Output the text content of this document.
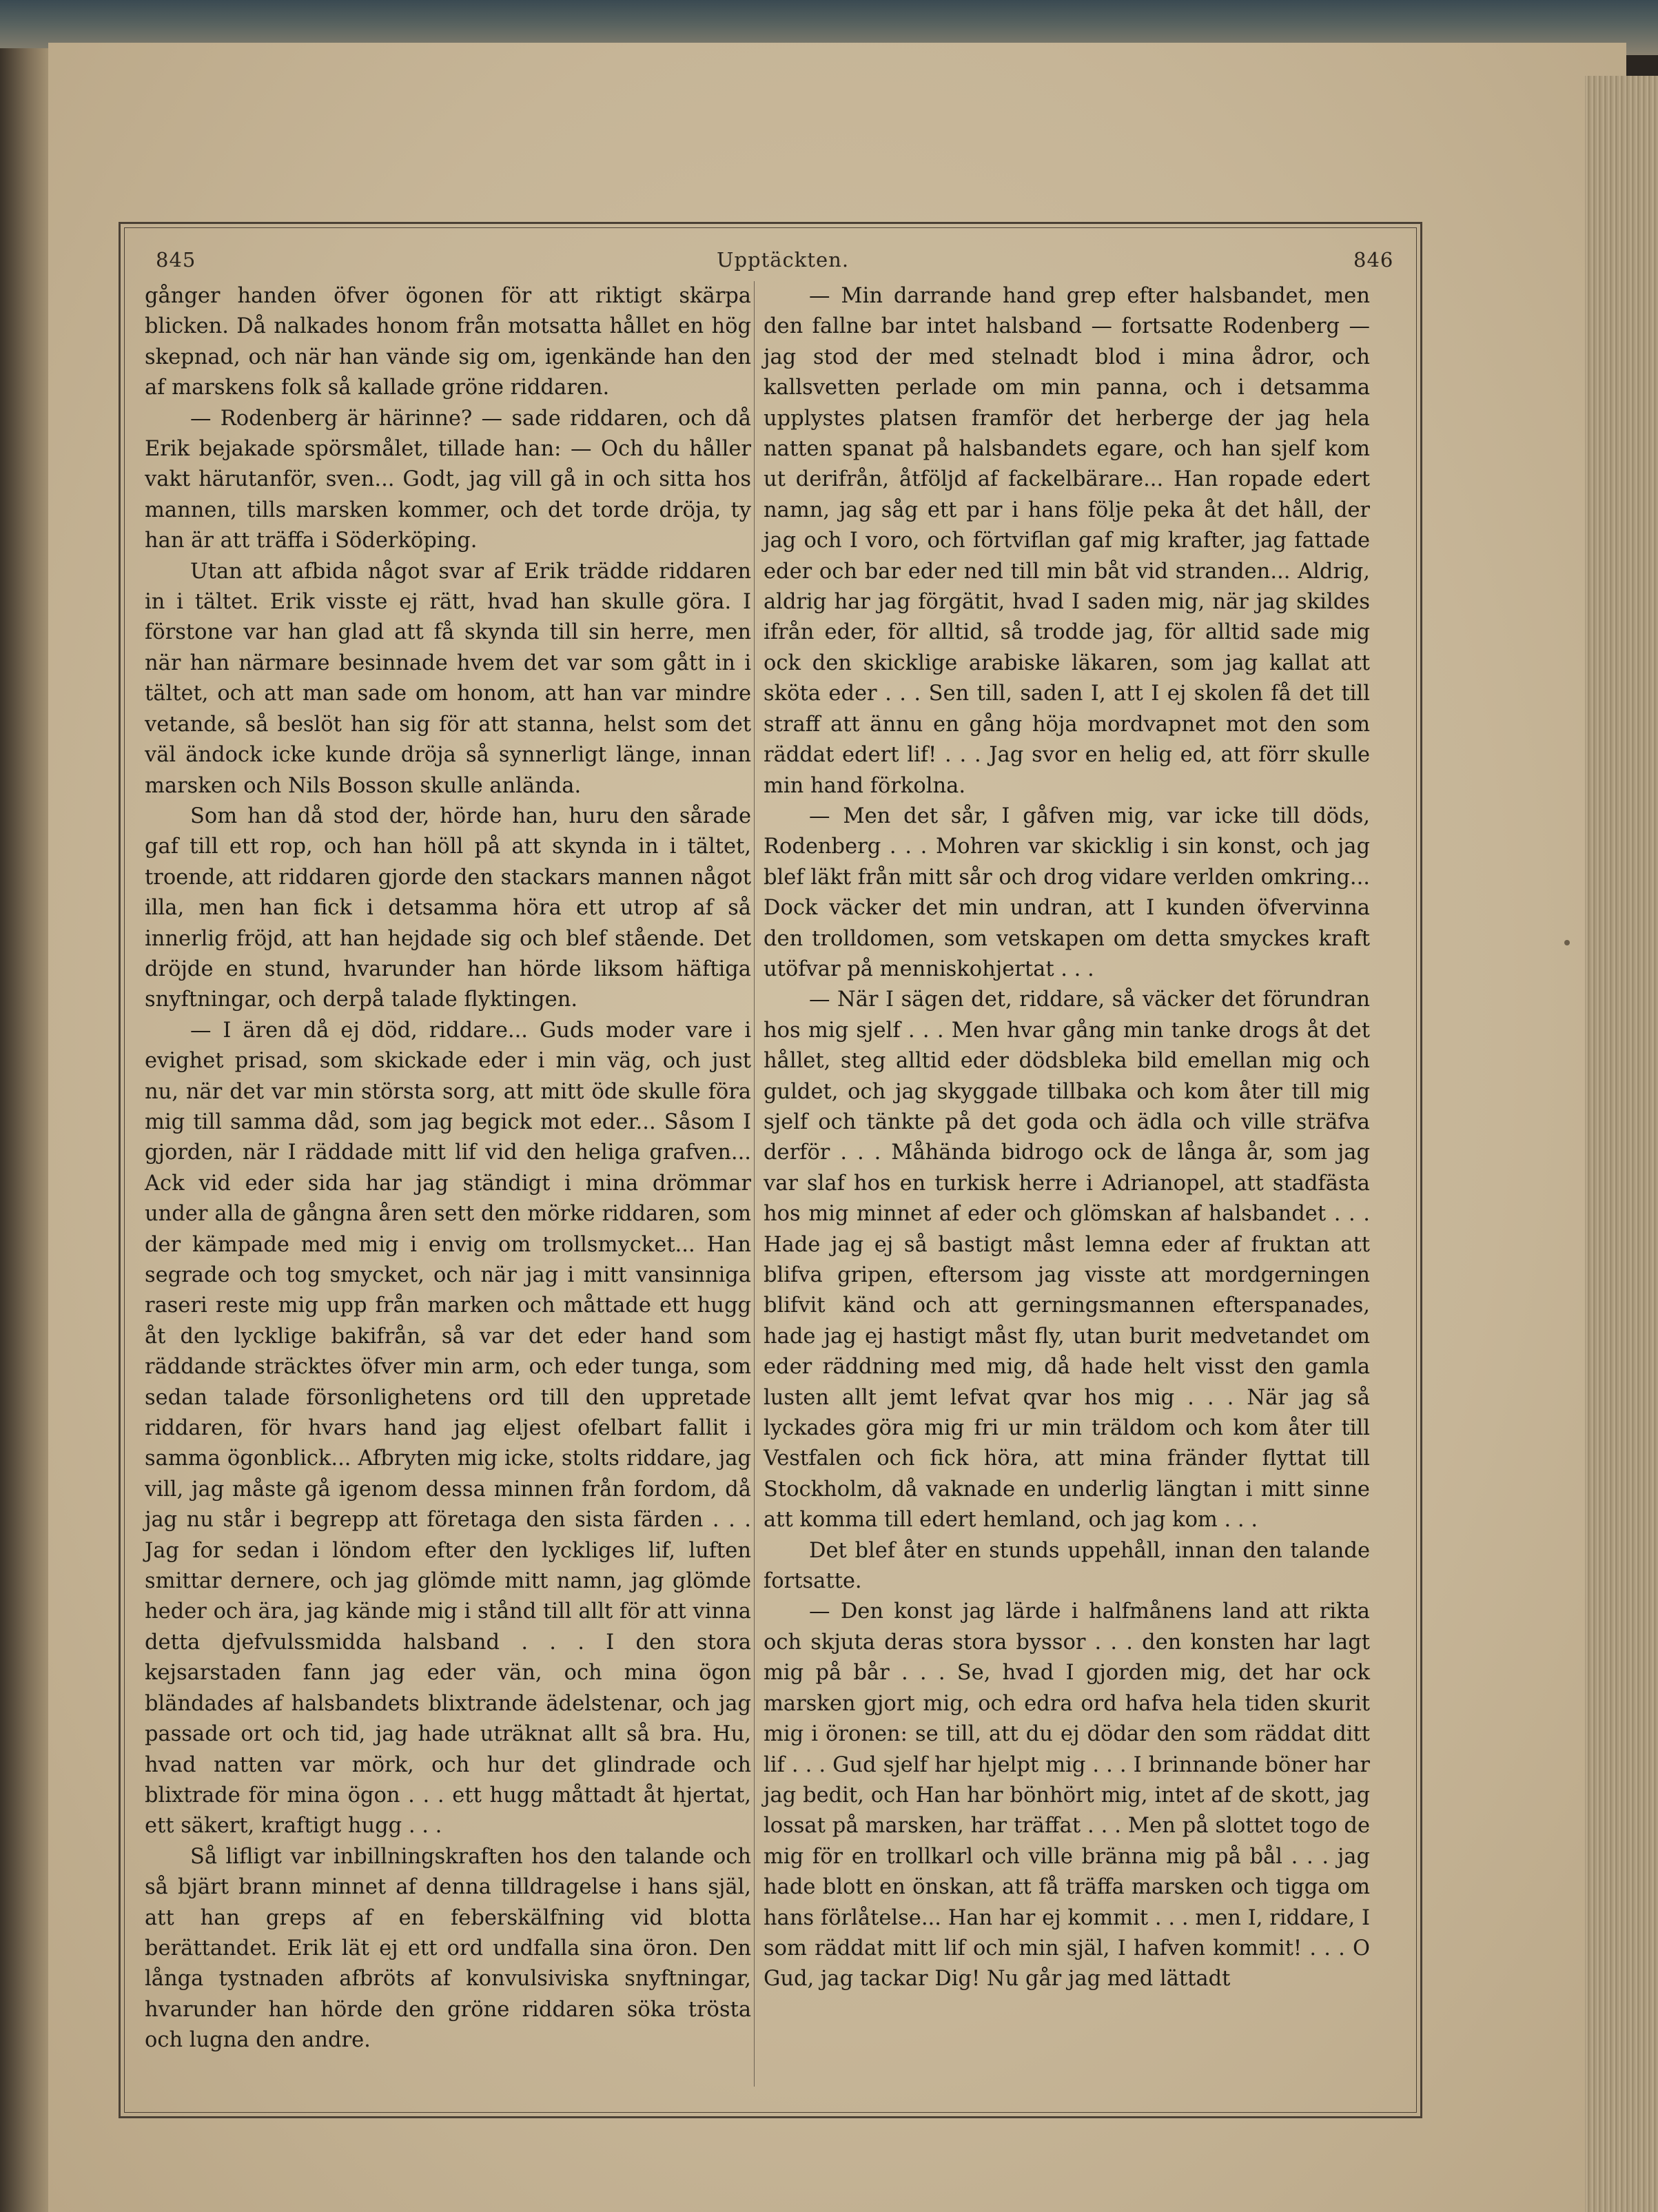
845	Upptäckten.	846

gånger handen öfver ögonen för att riktigt skärpa blicken. Då nalkades honom från motsatta hållet en hög skepnad, och när han vände sig om, igenkände han den af marskens folk så kallade gröne riddaren.

— Rodenberg är härinne? — sade riddaren, och då Erik bejakade spörsmålet, tillade han: — Och du håller vakt härutanför, sven... Godt, jag vill gå in och sitta hos mannen, tills marsken kommer, och det torde dröja, ty han är att träffa i Söderköping.

Utan att afbida något svar af Erik trädde riddaren in i tältet. Erik visste ej rätt, hvad han skulle göra. I förstone var han glad att få skynda till sin herre, men när han närmare besinnade hvem det var som gått in i tältet, och att man sade om honom, att han var mindre vetande, så beslöt han sig för att stanna, helst som det väl ändock icke kunde dröja så synnerligt länge, innan marsken och Nils Bosson skulle anlända.

Som han då stod der, hörde han, huru den sårade gaf till ett rop, och han höll på att skynda in i tältet, troende, att riddaren gjorde den stackars mannen något illa, men han fick i detsamma höra ett utrop af så innerlig fröjd, att han hejdade sig och blef stående. Det dröjde en stund, hvarunder han hörde liksom häftiga snyftningar, och derpå talade flyktingen.

— I ären då ej död, riddare... Guds moder vare i evighet prisad, som skickade eder i min väg, och just nu, när det var min största sorg, att mitt öde skulle föra mig till samma dåd, som jag begick mot eder... Såsom I gjorden, när I räddade mitt lif vid den heliga grafven... Ack vid eder sida har jag ständigt i mina drömmar under alla de gångna åren sett den mörke riddaren, som der kämpade med mig i envig om trollsmycket... Han segrade och tog smycket, och när jag i mitt vansinniga raseri reste mig upp från marken och måttade ett hugg åt den lycklige bakifrån, så var det eder hand som räddande sträcktes öfver min arm, och eder tunga, som sedan talade försonlighetens ord till den uppretade riddaren, för hvars hand jag eljest ofelbart fallit i samma ögonblick... Afbryten mig icke, stolts riddare, jag vill, jag måste gå igenom dessa minnen från fordom, då jag nu står i begrepp att företaga den sista färden . . . Jag for sedan i löndom efter den lyckliges lif, luften smittar dernere, och jag glömde mitt namn, jag glömde heder och ära, jag kände mig i stånd till allt för att vinna detta djefvulssmidda halsband . . . I den stora kejsarstaden fann jag eder vän, och mina ögon bländades af halsbandets blixtrande ädelstenar, och jag passade ort och tid, jag hade uträknat allt så bra. Hu, hvad natten var mörk, och hur det glindrade och blixtrade för mina ögon . . . ett hugg måttadt åt hjertat, ett säkert, kraftigt hugg . . .

Så lifligt var inbillningskraften hos den talande och så bjärt brann minnet af denna tilldragelse i hans själ, att han greps af en feberskälfning vid blotta berättandet. Erik lät ej ett ord undfalla sina öron. Den långa tystnaden afbröts af konvulsiviska snyftningar, hvarunder han hörde den gröne riddaren söka trösta och lugna den andre.

— Min darrande hand grep efter halsbandet, men den fallne bar intet halsband — fortsatte Rodenberg — jag stod der med stelnadt blod i mina ådror, och kallsvetten perlade om min panna, och i detsamma upplystes platsen framför det herberge der jag hela natten spanat på halsbandets egare, och han sjelf kom ut derifrån, åtföljd af fackelbärare... Han ropade edert namn, jag såg ett par i hans följe peka åt det håll, der jag och I voro, och förtviflan gaf mig krafter, jag fattade eder och bar eder ned till min båt vid stranden... Aldrig, aldrig har jag förgätit, hvad I saden mig, när jag skildes ifrån eder, för alltid, så trodde jag, för alltid sade mig ock den skicklige arabiske läkaren, som jag kallat att sköta eder . . . Sen till, saden I, att I ej skolen få det till straff att ännu en gång höja mordvapnet mot den som räddat edert lif! . . . Jag svor en helig ed, att förr skulle min hand förkolna.

— Men det sår, I gåfven mig, var icke till döds, Rodenberg . . . Mohren var skicklig i sin konst, och jag blef läkt från mitt sår och drog vidare verlden omkring... Dock väcker det min undran, att I kunden öfvervinna den trolldomen, som vetskapen om detta smyckes kraft utöfvar på menniskohjertat . . .

— När I sägen det, riddare, så väcker det förundran hos mig sjelf . . . Men hvar gång min tanke drogs åt det hållet, steg alltid eder dödsbleka bild emellan mig och guldet, och jag skyggade tillbaka och kom åter till mig sjelf och tänkte på det goda och ädla och ville sträfva derför . . . Måhända bidrogo ock de långa år, som jag var slaf hos en turkisk herre i Adrianopel, att stadfästa hos mig minnet af eder och glömskan af halsbandet . . . Hade jag ej så bastigt måst lemna eder af fruktan att blifva gripen, eftersom jag visste att mordgerningen blifvit känd och att gerningsmannen efterspanades, hade jag ej hastigt måst fly, utan burit medvetandet om eder räddning med mig, då hade helt visst den gamla lusten allt jemt lefvat qvar hos mig . . . När jag så lyckades göra mig fri ur min träldom och kom åter till Vestfalen och fick höra, att mina fränder flyttat till Stockholm, då vaknade en underlig längtan i mitt sinne att komma till edert hemland, och jag kom . . .

Det blef åter en stunds uppehåll, innan den talande fortsatte.

— Den konst jag lärde i halfmånens land att rikta och skjuta deras stora byssor . . . den konsten har lagt mig på bår . . . Se, hvad I gjorden mig, det har ock marsken gjort mig, och edra ord hafva hela tiden skurit mig i öronen: se till, att du ej dödar den som räddat ditt lif . . . Gud sjelf har hjelpt mig . . . I brinnande böner har jag bedit, och Han har bönhört mig, intet af de skott, jag lossat på marsken, har träffat . . . Men på slottet togo de mig för en trollkarl och ville bränna mig på bål . . . jag hade blott en önskan, att få träffa marsken och tigga om hans förlåtelse... Han har ej kommit . . . men I, riddare, I som räddat mitt lif och min själ, I hafven kommit! . . . O Gud, jag tackar Dig! Nu går jag med lättadt
